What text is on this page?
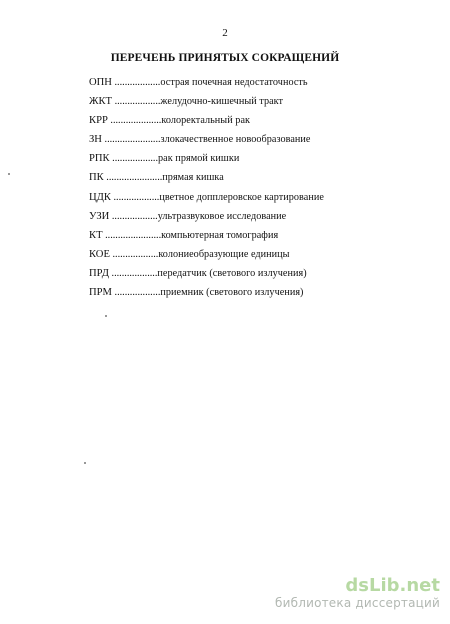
2
ПЕРЕЧЕНЬ ПРИНЯТЫХ СОКРАЩЕНИЙ
ОПН ..................острая почечная недостаточность
ЖКТ ..................желудочно-кишечный тракт
КРР ....................колоректальный рак
ЗН ......................злокачественное новообразование
РПК ..................рак прямой кишки
ПК ......................прямая кишка
ЦДК ..................цветное допплеровское картирование
УЗИ ..................ультразвуковое исследование
КТ ......................компьютерная томография
КОЕ ..................колониеобразующие единицы
ПРД ..................передатчик (светового излучения)
ПРМ ..................приемник (светового излучения)
dsLib.net
библиотека диссертаций
